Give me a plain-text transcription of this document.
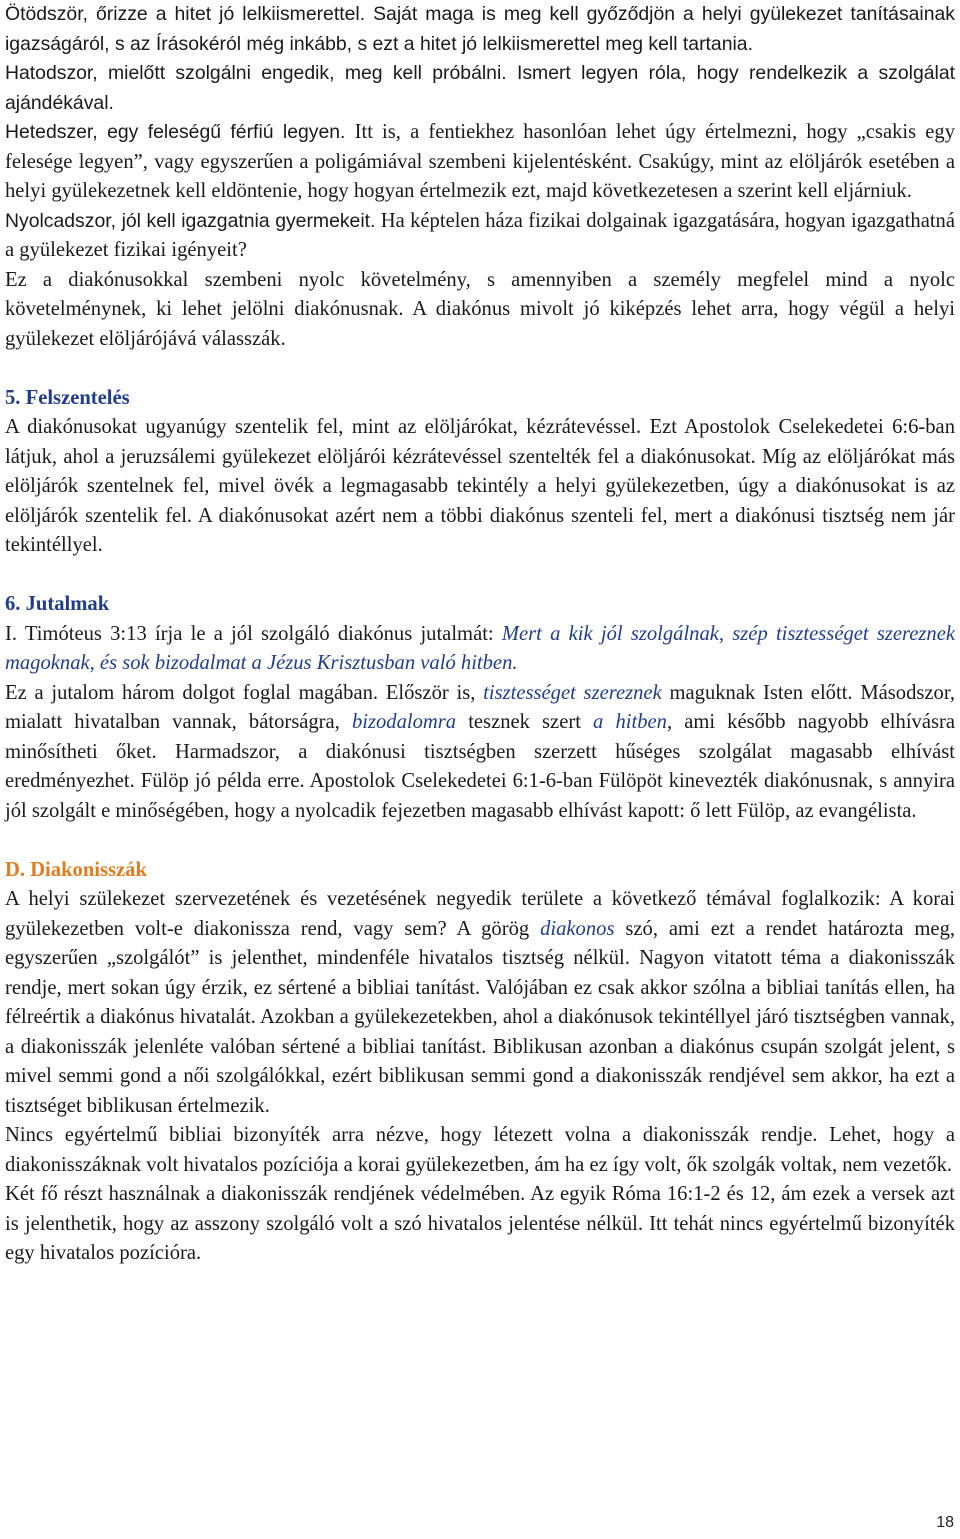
Ötödször, őrizze a hitet jó lelkiismerettel. Saját maga is meg kell győződjön a helyi gyülekezet tanításainak igazságáról, s az Írásokéról még inkább, s ezt a hitet jó lelkiismerettel meg kell tartania.

Hatodszor, mielőtt szolgálni engedik, meg kell próbálni. Ismert legyen róla, hogy rendelkezik a szolgálat ajándékával.

Hetedszer, egy feleségű férfiú legyen. Itt is, a fentiekhez hasonlóan lehet úgy értelmezni, hogy „csakis egy felesége legyen”, vagy egyszerűen a poligámiával szembeni kijelentésként. Csakúgy, mint az elöljárók esetében a helyi gyülekezetnek kell eldöntenie, hogy hogyan értelmezik ezt, majd következetesen a szerint kell eljárniuk.

Nyolcadszor, jól kell igazgatnia gyermekeit. Ha képtelen háza fizikai dolgainak igazgatására, hogyan igazgathatná a gyülekezet fizikai igényeit?

Ez a diakónusokkal szembeni nyolc követelmény, s amennyiben a személy megfelel mind a nyolc követelménynek, ki lehet jelölni diakónusnak. A diakónus mivolt jó kiképzés lehet arra, hogy végül a helyi gyülekezet elöljárójává válasszák.

5. Felszentelés

A diakónusokat ugyanúgy szentelik fel, mint az elöljárókat, kézrátevéssel. Ezt Apostolok Cselekedetei 6:6-ban látjuk, ahol a jeruzsálemi gyülekezet elöljárói kézrátevéssel szentelték fel a diakónusokat. Míg az elöljárókat más elöljárók szentelnek fel, mivel övék a legmagasabb tekintély a helyi gyülekezetben, úgy a diakónusokat is az elöljárók szentelik fel. A diakónusokat azért nem a többi diakónus szenteli fel, mert a diakónusi tisztség nem jár tekintéllyel.

6. Jutalmak

I. Timóteus 3:13 írja le a jól szolgáló diakónus jutalmát: Mert a kik jól szolgálnak, szép tisztességet szereznek magoknak, és sok bizodalmat a Jézus Krisztusban való hitben.

Ez a jutalom három dolgot foglal magában. Először is, tisztességet szereznek maguknak Isten előtt. Másodszor, mialatt hivatalban vannak, bátorságra, bizodalomra tesznek szert a hitben, ami később nagyobb elhívásra minősítheti őket. Harmadszor, a diakónusi tisztségben szerzett hűséges szolgálat magasabb elhívást eredményezhet. Fülöp jó példa erre. Apostolok Cselekedetei 6:1-6-ban Fülöpöt kinevezték diakónusnak, s annyira jól szolgált e minőségében, hogy a nyolcadik fejezetben magasabb elhívást kapott: ő lett Fülöp, az evangélista.

D. Diakonisszák

A helyi szülekezet szervezetének és vezetésének negyedik területe a következő témával foglalkozik: A korai gyülekezetben volt-e diakonissza rend, vagy sem? A görög diakonos szó, ami ezt a rendet határozta meg, egyszerűen „szolgálót” is jelenthet, mindenféle hivatalos tisztség nélkül. Nagyon vitatott téma a diakonisszák rendje, mert sokan úgy érzik, ez sértené a bibliai tanítást. Valójában ez csak akkor szólna a bibliai tanítás ellen, ha félreértik a diakónus hivatalát. Azokban a gyülekezetekben, ahol a diakónusok tekintéllyel járó tisztségben vannak, a diakonisszák jelenléte valóban sértené a bibliai tanítást. Biblikusan azonban a diakónus csupán szolgát jelent, s mivel semmi gond a női szolgálókkal, ezért biblikusan semmi gond a diakonisszák rendjével sem akkor, ha ezt a tisztséget biblikusan értelmezik.

Nincs egyértelmű bibliai bizonyíték arra nézve, hogy létezett volna a diakonisszák rendje. Lehet, hogy a diakonisszáknak volt hivatalos pozíciója a korai gyülekezetben, ám ha ez így volt, ők szolgák voltak, nem vezetők.

Két fő részt használnak a diakonisszák rendjének védelmében. Az egyik Róma 16:1-2 és 12, ám ezek a versek azt is jelenthetik, hogy az asszony szolgáló volt a szó hivatalos jelentése nélkül. Itt tehát nincs egyértelmű bizonyíték egy hivatalos pozícióra.

18
